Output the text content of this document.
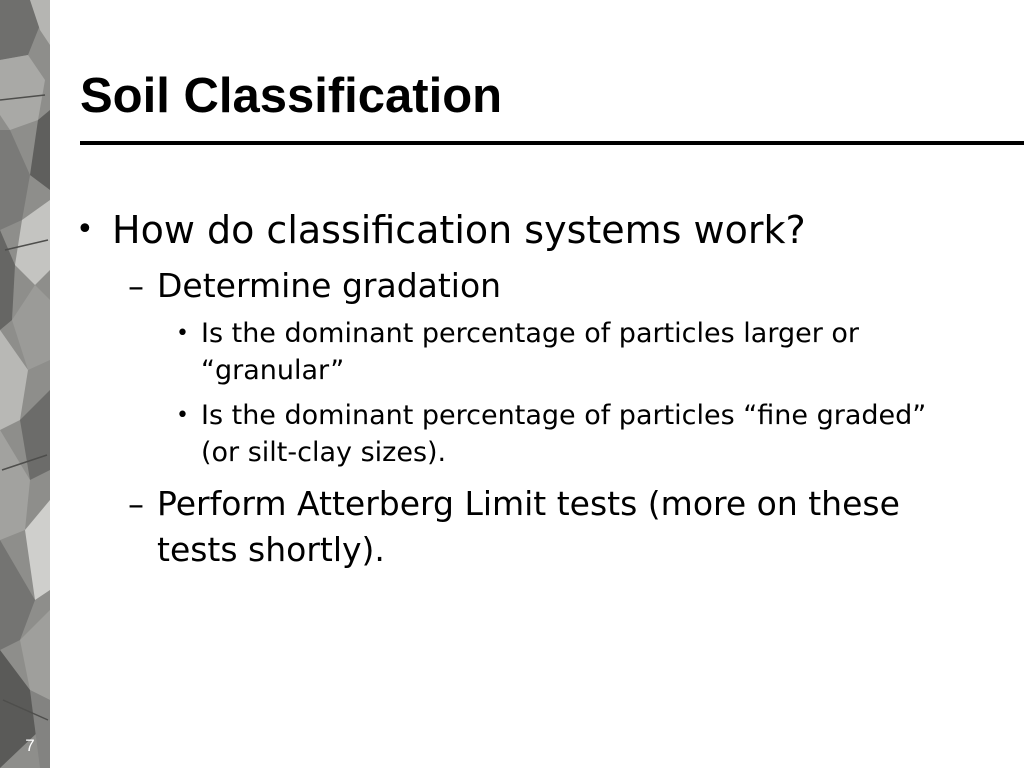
7
Soil Classification
• How do classification systems work?
– Determine gradation
• Is the dominant percentage of particles larger or
“granular”
• Is the dominant percentage of particles “fine graded”
(or silt-clay sizes).
– Perform Atterberg Limit tests (more on these
tests shortly).
